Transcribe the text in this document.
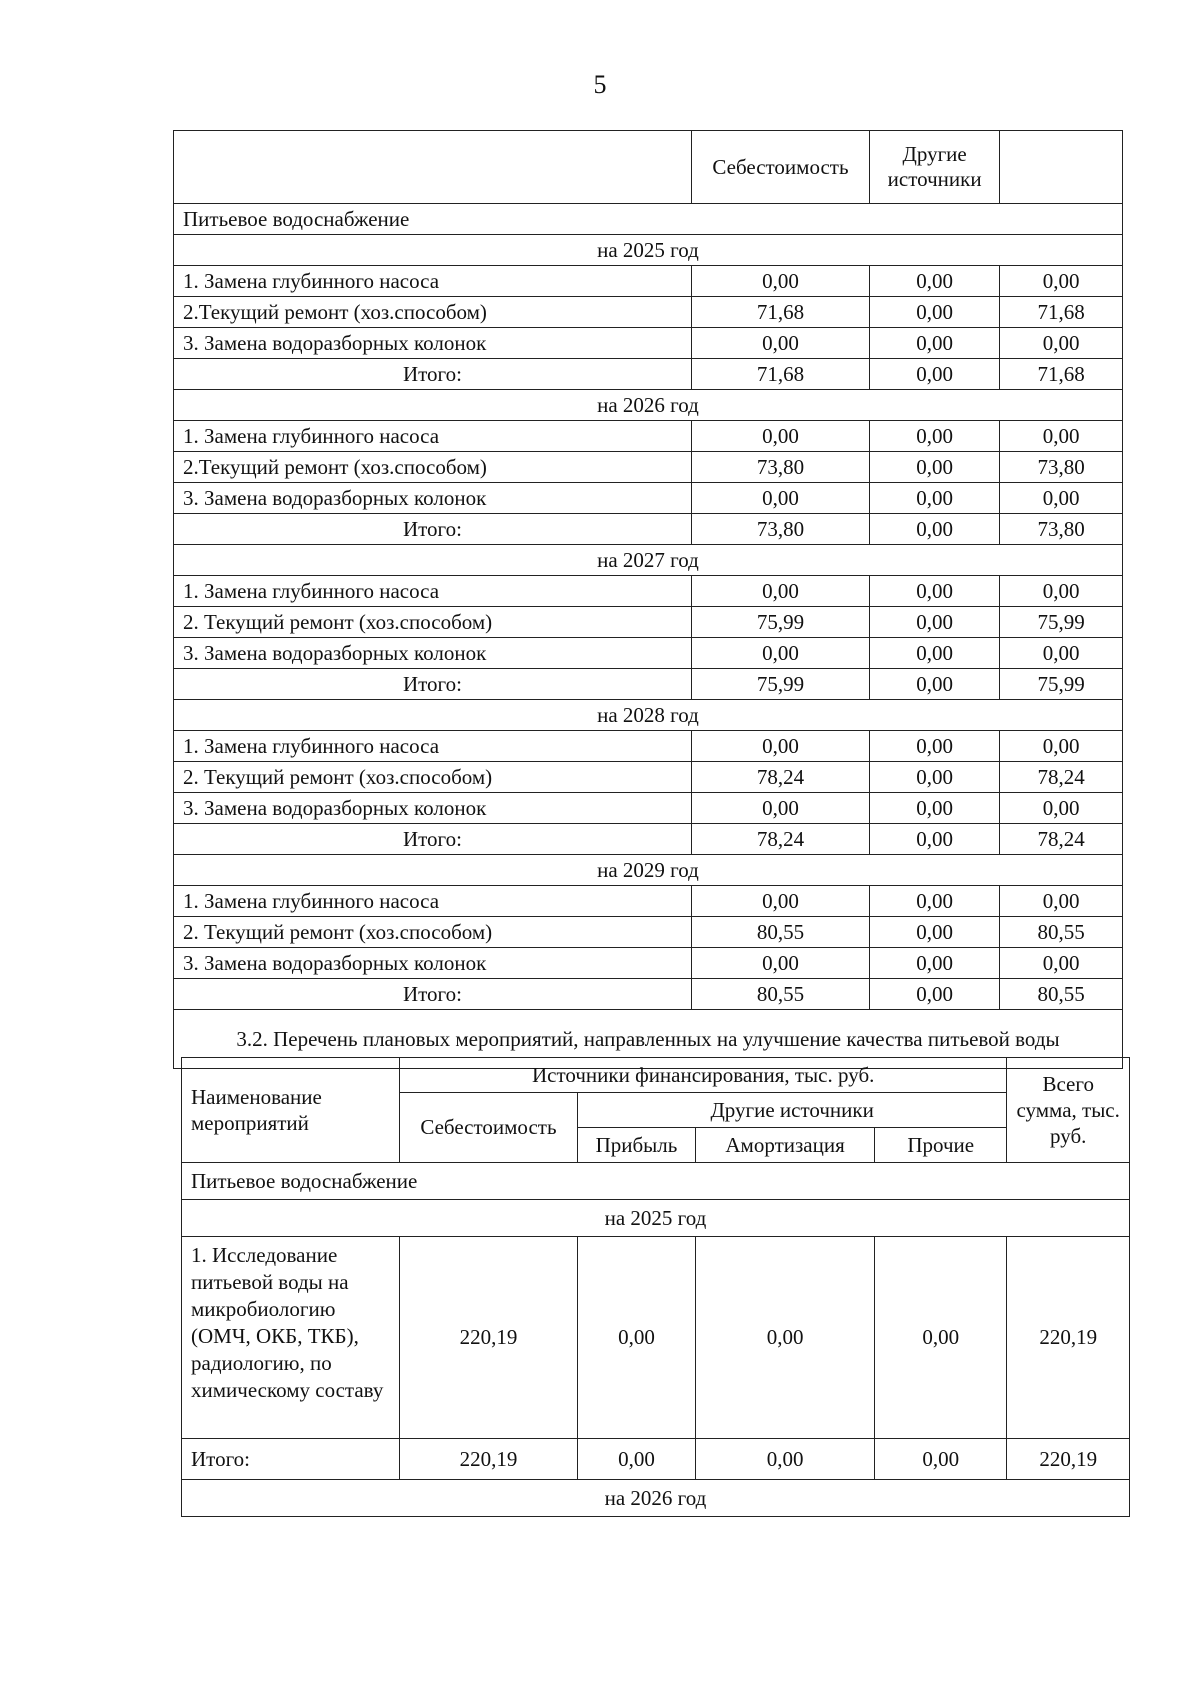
5
	Себестоимость	Другие источники	
Питьевое водоснабжение			
на 2025 год			
1. Замена глубинного насоса	0,00	0,00	0,00
2.Текущий ремонт (хоз.способом)	71,68	0,00	71,68
3. Замена водоразборных колонок	0,00	0,00	0,00
Итого:	71,68	0,00	71,68
на 2026 год			
1. Замена глубинного насоса	0,00	0,00	0,00
2.Текущий ремонт (хоз.способом)	73,80	0,00	73,80
3. Замена водоразборных колонок	0,00	0,00	0,00
Итого:	73,80	0,00	73,80
на 2027 год			
1. Замена глубинного насоса	0,00	0,00	0,00
2. Текущий ремонт (хоз.способом)	75,99	0,00	75,99
3. Замена водоразборных колонок	0,00	0,00	0,00
Итого:	75,99	0,00	75,99
на 2028 год			
1. Замена глубинного насоса	0,00	0,00	0,00
2. Текущий ремонт (хоз.способом)	78,24	0,00	78,24
3. Замена водоразборных колонок	0,00	0,00	0,00
Итого:	78,24	0,00	78,24
на 2029 год			
1. Замена глубинного насоса	0,00	0,00	0,00
2. Текущий ремонт (хоз.способом)	80,55	0,00	80,55
3. Замена водоразборных колонок	0,00	0,00	0,00
Итого:	80,55	0,00	80,55
3.2. Перечень плановых мероприятий, направленных на улучшение качества питьевой воды			
Наименование мероприятий	Источники финансирования, тыс. руб.				Всего сумма, тыс. руб.
	Себестоимость	Другие источники			
		Прибыль	Амортизация	Прочие	
Питьевое водоснабжение					
на 2025 год					
1. Исследование питьевой воды на микробиологию (ОМЧ, ОКБ, ТКБ), радиологию, по химическому составу	220,19	0,00	0,00	0,00	220,19
Итого:	220,19	0,00	0,00	0,00	220,19
на 2026 год					
